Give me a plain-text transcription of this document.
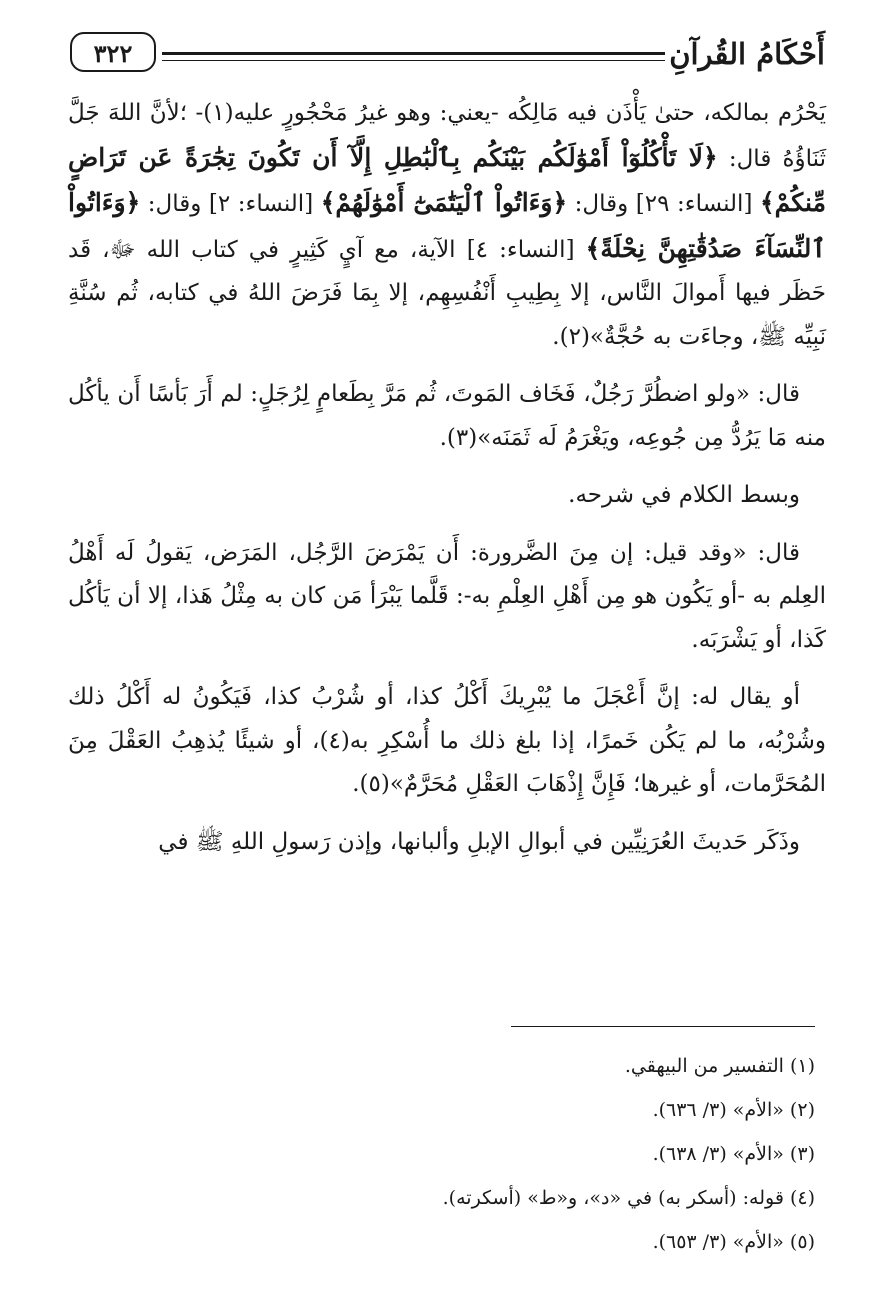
أَحْكَامُ القُرآنِ
٣٢٢

يَحْرُم بمالكه، حتىٰ يَأْذَن فيه مَالِكُه -يعني: وهو غيرُ مَحْجُورٍ عليه(١)- ؛لأنَّ اللهَ جَلَّ ثَنَاؤُهُ قال: ﴿لَا تَأْكُلُوٓاْ أَمْوَٰلَكُم بَيْنَكُم بِٱلْبَٰطِلِ إِلَّآ أَن تَكُونَ تِجَٰرَةً عَن تَرَاضٍ مِّنكُمْ﴾ [النساء: ٢٩] وقال: ﴿وَءَاتُواْ ٱلْيَتَٰمَىٰٓ أَمْوَٰلَهُمْ﴾ [النساء: ٢] وقال: ﴿وَءَاتُواْ ٱلنِّسَآءَ صَدُقَٰتِهِنَّ نِحْلَةً﴾ [النساء: ٤] الآية، مع آيٍ كَثِيرٍ في كتاب الله ﷻ، قَد حَظَر فيها أَموالَ النَّاس، إلا بِطِيبِ أَنْفُسِهِم، إلا بِمَا فَرَضَ اللهُ في كتابه، ثُم سُنَّةِ نَبِيِّه ﷺ، وجاءَت به حُجَّةٌ»(٢).

قال: «ولو اضطُرَّ رَجُلٌ، فَخَاف المَوتَ، ثُم مَرَّ بِطَعامٍ لِرُجَلٍ: لم أَرَ بَأسًا أَن يأكُل منه مَا يَرُدُّ مِن جُوعِه، ويَغْرَمُ لَه ثَمَنَه»(٣).

وبسط الكلام في شرحه.

قال: «وقد قيل: إن مِنَ الضَّرورة: أَن يَمْرَضَ الرَّجُل، المَرَض، يَقولُ لَه أَهْلُ العِلم به -أو يَكُون هو مِن أَهْلِ العِلْمِ به-: قَلَّما يَبْرَأ مَن كان به مِثْلُ هَذا، إلا أن يَأكُل كَذا، أو يَشْرَبَه.

أو يقال له: إنَّ أَعْجَلَ ما يُبْرِيكَ أَكْلُ كذا، أو شُرْبُ كذا، فَيَكُونُ له أَكْلُ ذلك وشُرْبُه، ما لم يَكُن خَمرًا، إذا بلغ ذلك ما أُسْكِرِ به(٤)، أو شيئًا يُذهِبُ العَقْلَ مِنَ المُحَرَّمات، أو غيرها؛ فَإِنَّ إِذْهَابَ العَقْلِ مُحَرَّمٌ»(٥).

وذَكَر حَديثَ العُرَنِيِّين في أبوالِ الإبلِ وألبانها، وإذن رَسولِ اللهِ ﷺ في

(١) التفسير من البيهقي.
(٢) «الأم» (٣/ ٦٣٦).
(٣) «الأم» (٣/ ٦٣٨).
(٤) قوله: (أسكر به) في «د»، و«ط» (أسكرته).
(٥) «الأم» (٣/ ٦٥٣).
